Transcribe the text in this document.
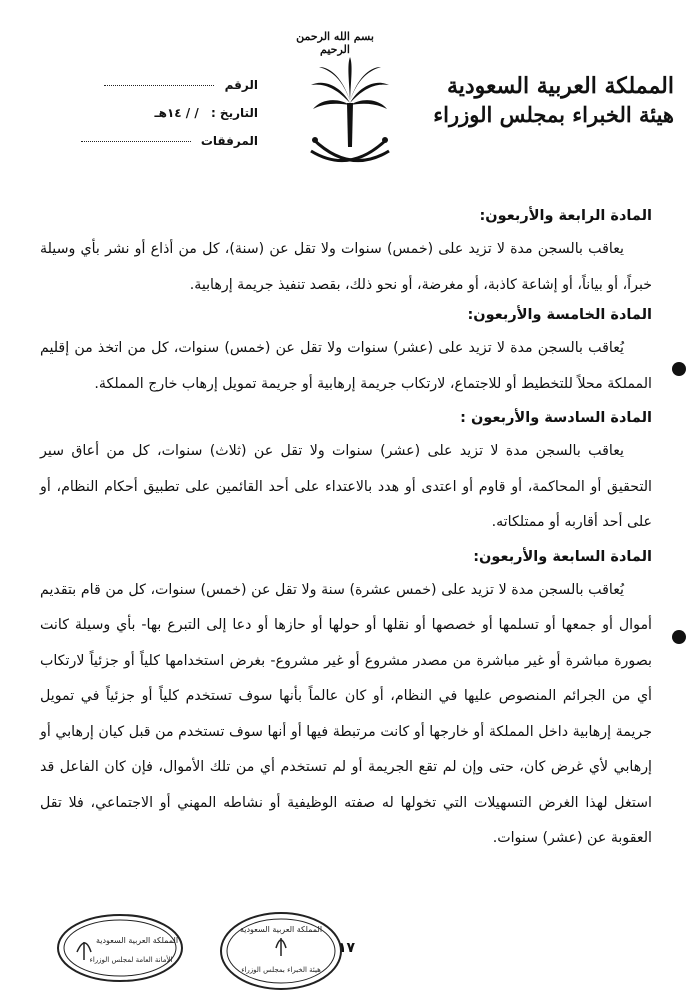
بسم الله الرحمن الرحيم
المملكة العربية السعودية
هيئة الخبراء بمجلس الوزراء
الرقم
التاريخ : / / ١٤هـ
المرفقات
المادة الرابعة والأربعون:
يعاقب بالسجن مدة لا تزيد على (خمس) سنوات ولا تقل عن (سنة)، كل من أذاع أو نشر بأي وسيلة خبراً، أو بياناً، أو إشاعة كاذبة، أو مغرضة، أو نحو ذلك، بقصد تنفيذ جريمة إرهابية.
المادة الخامسة والأربعون:
يُعاقب بالسجن مدة لا تزيد على (عشر) سنوات ولا تقل عن (خمس) سنوات، كل من اتخذ من إقليم المملكة محلاً للتخطيط أو للاجتماع، لارتكاب جريمة إرهابية أو جريمة تمويل إرهاب خارج المملكة.
المادة السادسة والأربعون :
يعاقب بالسجن مدة لا تزيد على (عشر) سنوات ولا تقل عن (ثلاث) سنوات، كل من أعاق سير التحقيق أو المحاكمة، أو قاوم أو اعتدى أو هدد بالاعتداء على أحد القائمين على تطبيق أحكام النظام، أو على أحد أقاربه أو ممتلكاته.
المادة السابعة والأربعون:
يُعاقب بالسجن مدة لا تزيد على (خمس عشرة) سنة ولا تقل عن (خمس) سنوات، كل من قام بتقديم أموال أو جمعها أو تسلمها أو خصصها أو نقلها أو حولها أو حازها أو دعا إلى التبرع بها- بأي وسيلة كانت بصورة مباشرة أو غير مباشرة من مصدر مشروع أو غير مشروع- بغرض استخدامها كلياً أو جزئياً لارتكاب أي من الجرائم المنصوص عليها في النظام، أو كان عالماً بأنها سوف تستخدم كلياً أو جزئياً في تمويل جريمة إرهابية داخل المملكة أو خارجها أو كانت مرتبطة فيها أو أنها سوف تستخدم من قبل كيان إرهابي أو إرهابي لأي غرض كان، حتى وإن لم تقع الجريمة أو لم تستخدم أي من تلك الأموال، فإن كان الفاعل قد استغل لهذا الغرض التسهيلات التي تخولها له صفته الوظيفية أو نشاطه المهني أو الاجتماعي، فلا تقل العقوبة عن (عشر) سنوات.
١٧
المملكة العربية السعودية
الأمانة العامة لمجلس الوزراء
المملكة العربية السعودية
هيئة الخبراء بمجلس الوزراء
